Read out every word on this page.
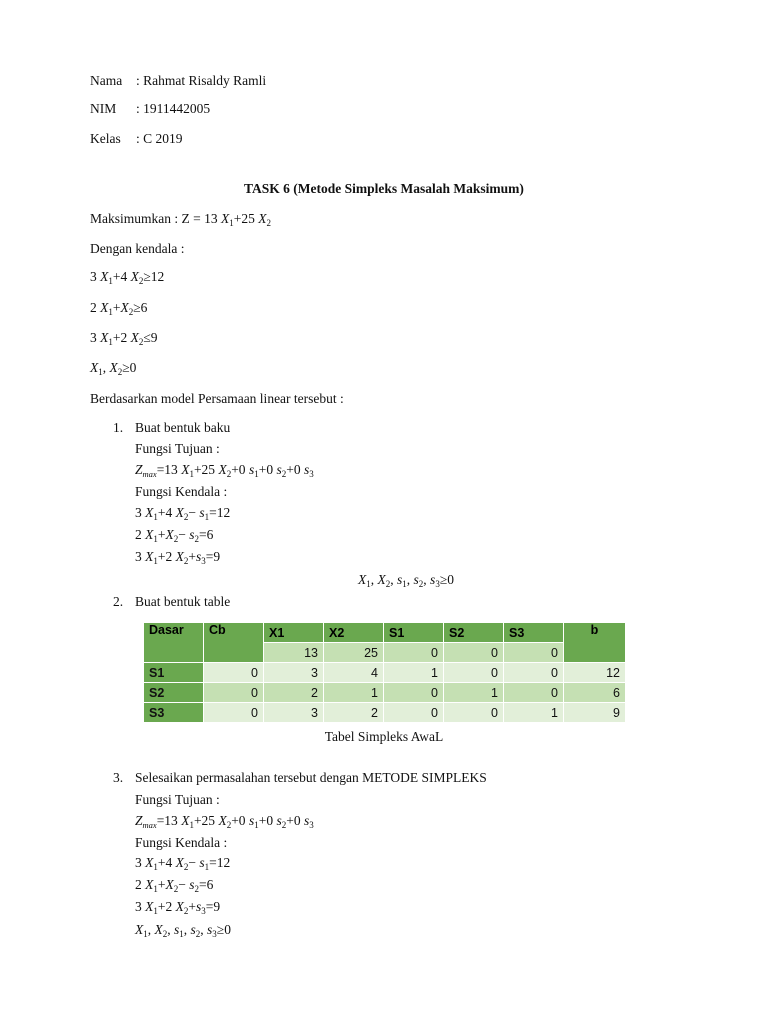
Nama : Rahmat Risaldy Ramli
NIM : 1911442005
Kelas : C 2019
TASK 6 (Metode Simpleks Masalah Maksimum)
Maksimumkan : Z = 13 $X_1+25$ $X_2$
Dengan kendala :
3 $X_1+4$ $X_2\ge 12$
2 $X_1+X_2\ge 6$
3 $X_1+2$ $X_2\le 9$
$X_1$, $X_2\ge 0$
Berdasarkan model Persamaan linear tersebut :
1. Buat bentuk baku
Fungsi Tujuan :
$Z_{max}=13$ $X_1+25$ $X_2+0$ $s_1+0$ $s_2+0$ $s_3$
Fungsi Kendala :
3 $X_1+4$ $X_2- s_1=12$
2 $X_1+X_2- s_2=6$
3 $X_1+2$ $X_2+s_3=9$
$X_1$, $X_2$, $s_1$, $s_2$, $s_3\ge 0$
2. Buat bentuk table
Dasar	Cb	X1	X2	S1	S2	S3	b
		13	25	0	0	0	
S1	0	3	4	1	0	0	12
S2	0	2	1	0	1	0	6
S3	0	3	2	0	0	1	9
Tabel Simpleks AwaL
3. Selesaikan permasalahan tersebut dengan METODE SIMPLEKS
Fungsi Tujuan :
$Z_{max}=13$ $X_1+25$ $X_2+0$ $s_1+0$ $s_2+0$ $s_3$
Fungsi Kendala :
3 $X_1+4$ $X_2- s_1=12$
2 $X_1+X_2- s_2=6$
3 $X_1+2$ $X_2+s_3=9$
$X_1$, $X_2$, $s_1$, $s_2$, $s_3\ge 0$
